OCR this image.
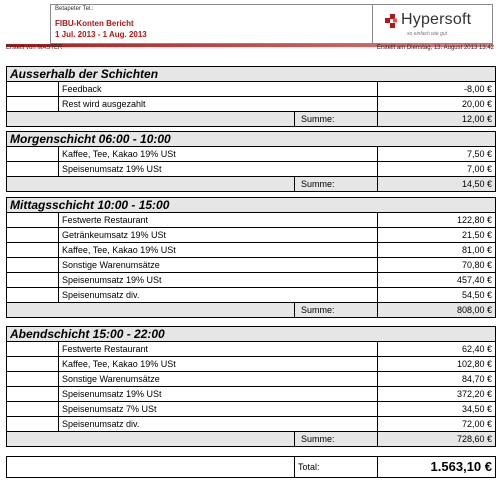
Betapeter Tel.:
FIBU-Konten Bericht
1 Jul. 2013 - 1 Aug. 2013
Hypersoft
so einfach wie gut
Erstellt von MASTER	Erstellt am Dienstag, 13. August 2013 13:42
Ausserhalb der Schichten			
	Feedback		-8,00 €
	Rest wird ausgezahlt		20,00 €
		Summe:	12,00 €
Morgenschicht 06:00 - 10:00			
	Kaffee, Tee, Kakao 19% USt		7,50 €
	Speisenumsatz 19% USt		7,00 €
		Summe:	14,50 €
Mittagsschicht 10:00 - 15:00			
	Festwerte Restaurant		122,80 €
	Getränkeumsatz 19% USt		21,50 €
	Kaffee, Tee, Kakao 19% USt		81,00 €
	Sonstige Warenumsätze		70,80 €
	Speisenumsatz 19% USt		457,40 €
	Speisenumsatz div.		54,50 €
		Summe:	808,00 €
Abendschicht 15:00 - 22:00			
	Festwerte Restaurant		62,40 €
	Kaffee, Tee, Kakao 19% USt		102,80 €
	Sonstige Warenumsätze		84,70 €
	Speisenumsatz 19% USt		372,20 €
	Speisenumsatz 7% USt		34,50 €
	Speisenumsatz div.		72,00 €
		Summe:	728,60 €
	Total:	1.563,10 €
